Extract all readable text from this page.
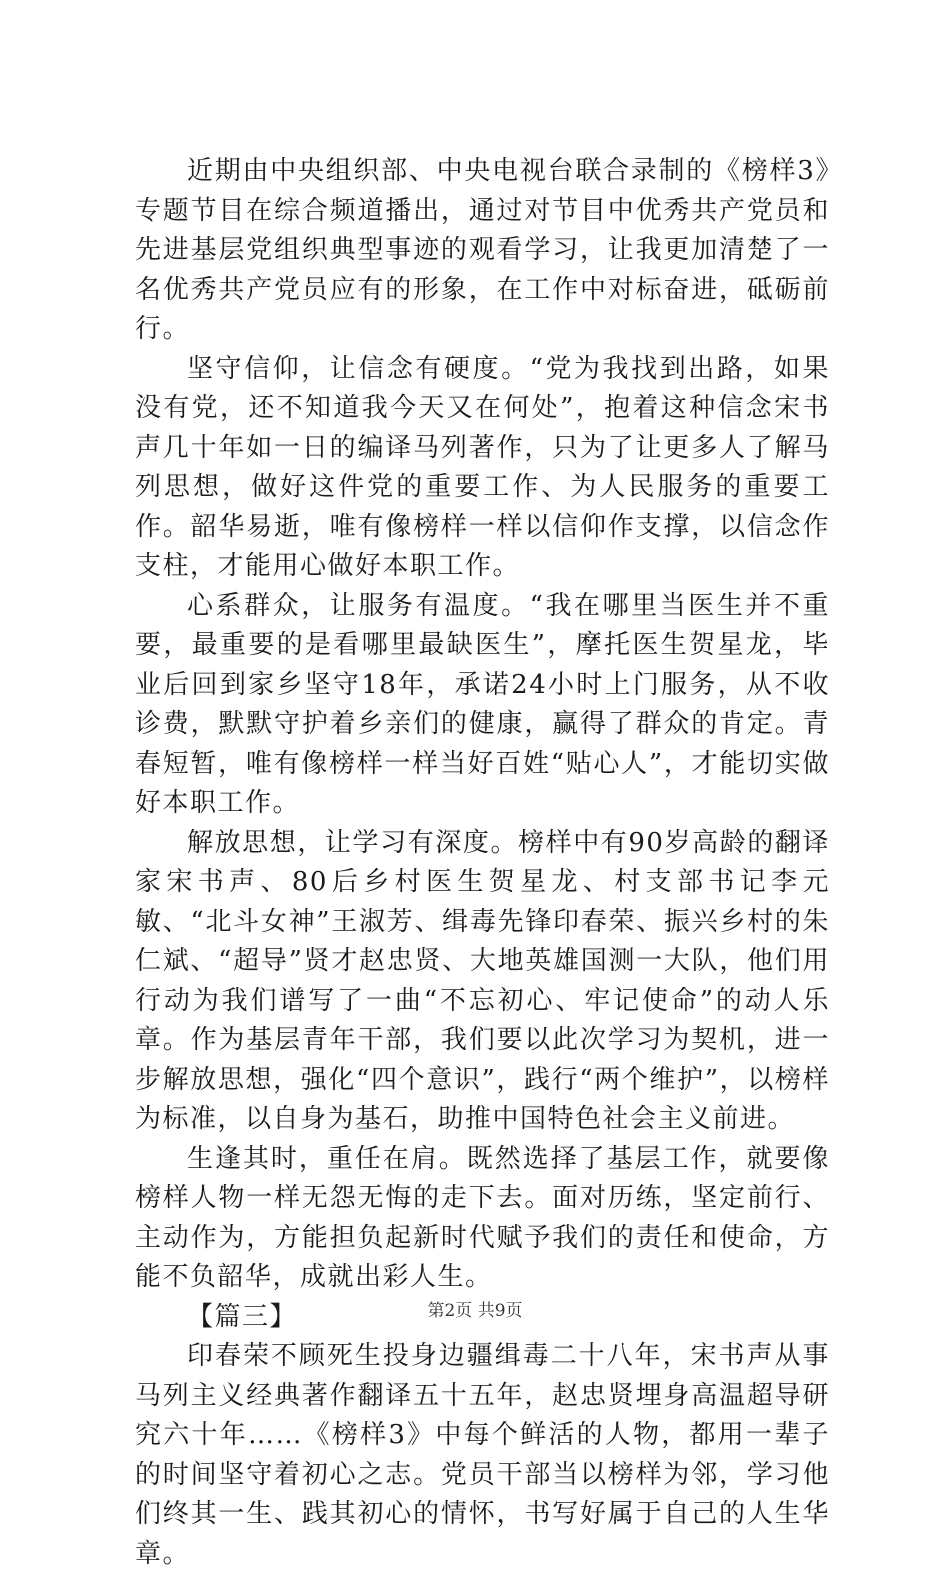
近期由中央组织部、中央电视台联合录制的《榜样3》专题节目在综合频道播出，通过对节目中优秀共产党员和先进基层党组织典型事迹的观看学习，让我更加清楚了一名优秀共产党员应有的形象，在工作中对标奋进，砥砺前行。

坚守信仰，让信念有硬度。“党为我找到出路，如果没有党，还不知道我今天又在何处”，抱着这种信念宋书声几十年如一日的编译马列著作，只为了让更多人了解马列思想，做好这件党的重要工作、为人民服务的重要工作。韶华易逝，唯有像榜样一样以信仰作支撑，以信念作支柱，才能用心做好本职工作。

心系群众，让服务有温度。“我在哪里当医生并不重要，最重要的是看哪里最缺医生”，摩托医生贺星龙，毕业后回到家乡坚守18年，承诺24小时上门服务，从不收诊费，默默守护着乡亲们的健康，赢得了群众的肯定。青春短暂，唯有像榜样一样当好百姓“贴心人”，才能切实做好本职工作。

解放思想，让学习有深度。榜样中有90岁高龄的翻译家宋书声、80后乡村医生贺星龙、村支部书记李元敏、“北斗女神”王淑芳、缉毒先锋印春荣、振兴乡村的朱仁斌、“超导”贤才赵忠贤、大地英雄国测一大队，他们用行动为我们谱写了一曲“不忘初心、牢记使命”的动人乐章。作为基层青年干部，我们要以此次学习为契机，进一步解放思想，强化“四个意识”，践行“两个维护”，以榜样为标准，以自身为基石，助推中国特色社会主义前进。

生逢其时，重任在肩。既然选择了基层工作，就要像榜样人物一样无怨无悔的走下去。面对历练，坚定前行、主动作为，方能担负起新时代赋予我们的责任和使命，方能不负韶华，成就出彩人生。

【篇三】

印春荣不顾死生投身边疆缉毒二十八年，宋书声从事马列主义经典著作翻译五十五年，赵忠贤埋身高温超导研究六十年……《榜样3》中每个鲜活的人物，都用一辈子的时间坚守着初心之志。党员干部当以榜样为邻，学习他们终其一生、践其初心的情怀，书写好属于自己的人生华章。

第2页 共9页
